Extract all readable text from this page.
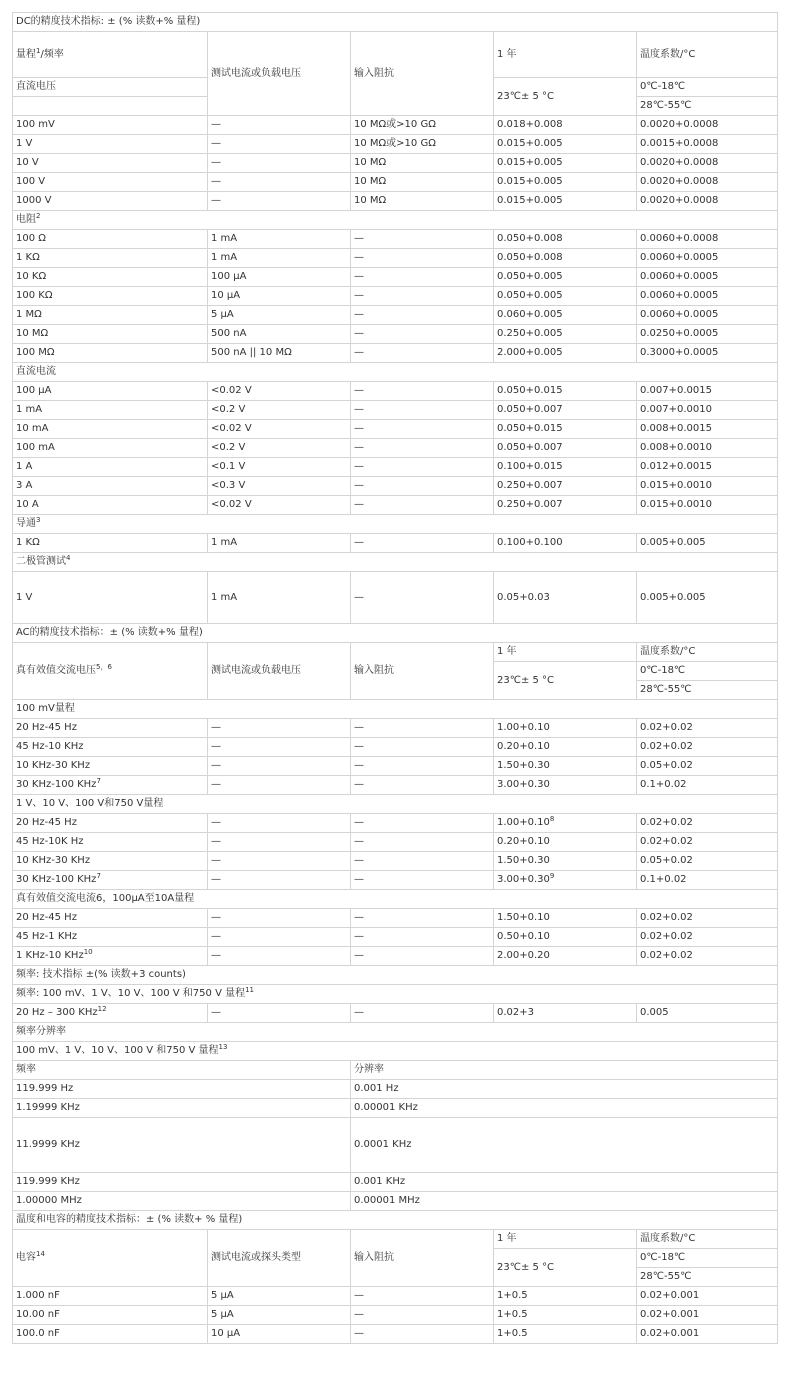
DC的精度技术指标: ± (% 读数+% 量程)				
量程$^1$/频率	测试电流或负载电压	输入阻抗	1 年	温度系数/°C
直流电压			23℃± 5 °C	0℃-18℃
				28℃-55℃
100 mV	—	10 MΩ或>10 GΩ	0.018+0.008	0.0020+0.0008
1 V	—	10 MΩ或>10 GΩ	0.015+0.005	0.0015+0.0008
10 V	—	10 MΩ	0.015+0.005	0.0020+0.0008
100 V	—	10 MΩ	0.015+0.005	0.0020+0.0008
1000 V	—	10 MΩ	0.015+0.005	0.0020+0.0008
电阻$^2$
100 Ω	1 mA	—	0.050+0.008	0.0060+0.0008
1 KΩ	1 mA	—	0.050+0.008	0.0060+0.0005
10 KΩ	100 µA	—	0.050+0.005	0.0060+0.0005
100 KΩ	10 µA	—	0.050+0.005	0.0060+0.0005
1 MΩ	5 µA	—	0.060+0.005	0.0060+0.0005
10 MΩ	500 nA	—	0.250+0.005	0.0250+0.0005
100 MΩ	500 nA || 10 MΩ	—	2.000+0.005	0.3000+0.0005
直流电流				
100 µA	<0.02 V	—	0.050+0.015	0.007+0.0015
1 mA	<0.2 V	—	0.050+0.007	0.007+0.0010
10 mA	<0.02 V	—	0.050+0.015	0.008+0.0015
100 mA	<0.2 V	—	0.050+0.007	0.008+0.0010
1 A	<0.1 V	—	0.100+0.015	0.012+0.0015
3 A	<0.3 V	—	0.250+0.007	0.015+0.0010
10 A	<0.02 V	—	0.250+0.007	0.015+0.0010
导通$^3$
1 KΩ	1 mA	—	0.100+0.100	0.005+0.005
二极管测试$^4$
1 V	1 mA	—	0.05+0.03	0.005+0.005
AC的精度技术指标：± (% 读数+% 量程)				
真有效值交流电压$^{5,6}$	测试电流或负载电压	输入阻抗	1 年	温度系数/°C
			23℃± 5 °C	0℃-18℃
				28℃-55℃
100 mV量程				
20 Hz-45 Hz	—	—	1.00+0.10	0.02+0.02
45 Hz-10 KHz	—	—	0.20+0.10	0.02+0.02
10 KHz-30 KHz	—	—	1.50+0.30	0.05+0.02
30 KHz-100 KHz$^7$	—	—	3.00+0.30	0.1+0.02
1 V、10 V、100 V和750 V量程				
20 Hz-45 Hz	—	—	$1.00+0.10^8$	0.02+0.02
45 Hz-10K Hz	—	—	0.20+0.10	0.02+0.02
10 KHz-30 KHz	—	—	1.50+0.30	0.05+0.02
30 KHz-100 KHz$^7$	—	—	$3.00+0.30^9$	0.1+0.02
真有效值交流电流6，100µA至10A量程				
20 Hz-45 Hz	—	—	1.50+0.10	0.02+0.02
45 Hz-1 KHz	—	—	0.50+0.10	0.02+0.02
1 KHz-10 KHz$^{10}$	—	—	2.00+0.20	0.02+0.02
频率: 技术指标 ±(% 读数+3 counts)				
频率: 100 mV、1 V、10 V、100 V 和750 V 量程$^{11}$
20 Hz – 300 KHz$^{12}$	—	—	0.02+3	0.005
频率分辨率				
100 mV、1 V、10 V、100 V 和750 V 量程$^{13}$
频率		分辨率		
119.999 Hz		0.001 Hz		
1.19999 KHz		0.00001 KHz		
11.9999 KHz		0.0001 KHz		
119.999 KHz		0.001 KHz		
1.00000 MHz		0.00001 MHz		
温度和电容的精度技术指标：± (% 读数+ % 量程)				
电容$^{14}$	测试电流或探头类型	输入阻抗	1 年	温度系数/°C
			23℃± 5 °C	0℃-18℃
				28℃-55℃
1.000 nF	5 µA	—	1+0.5	0.02+0.001
10.00 nF	5 µA	—	1+0.5	0.02+0.001
100.0 nF	10 µA	—	1+0.5	0.02+0.001
